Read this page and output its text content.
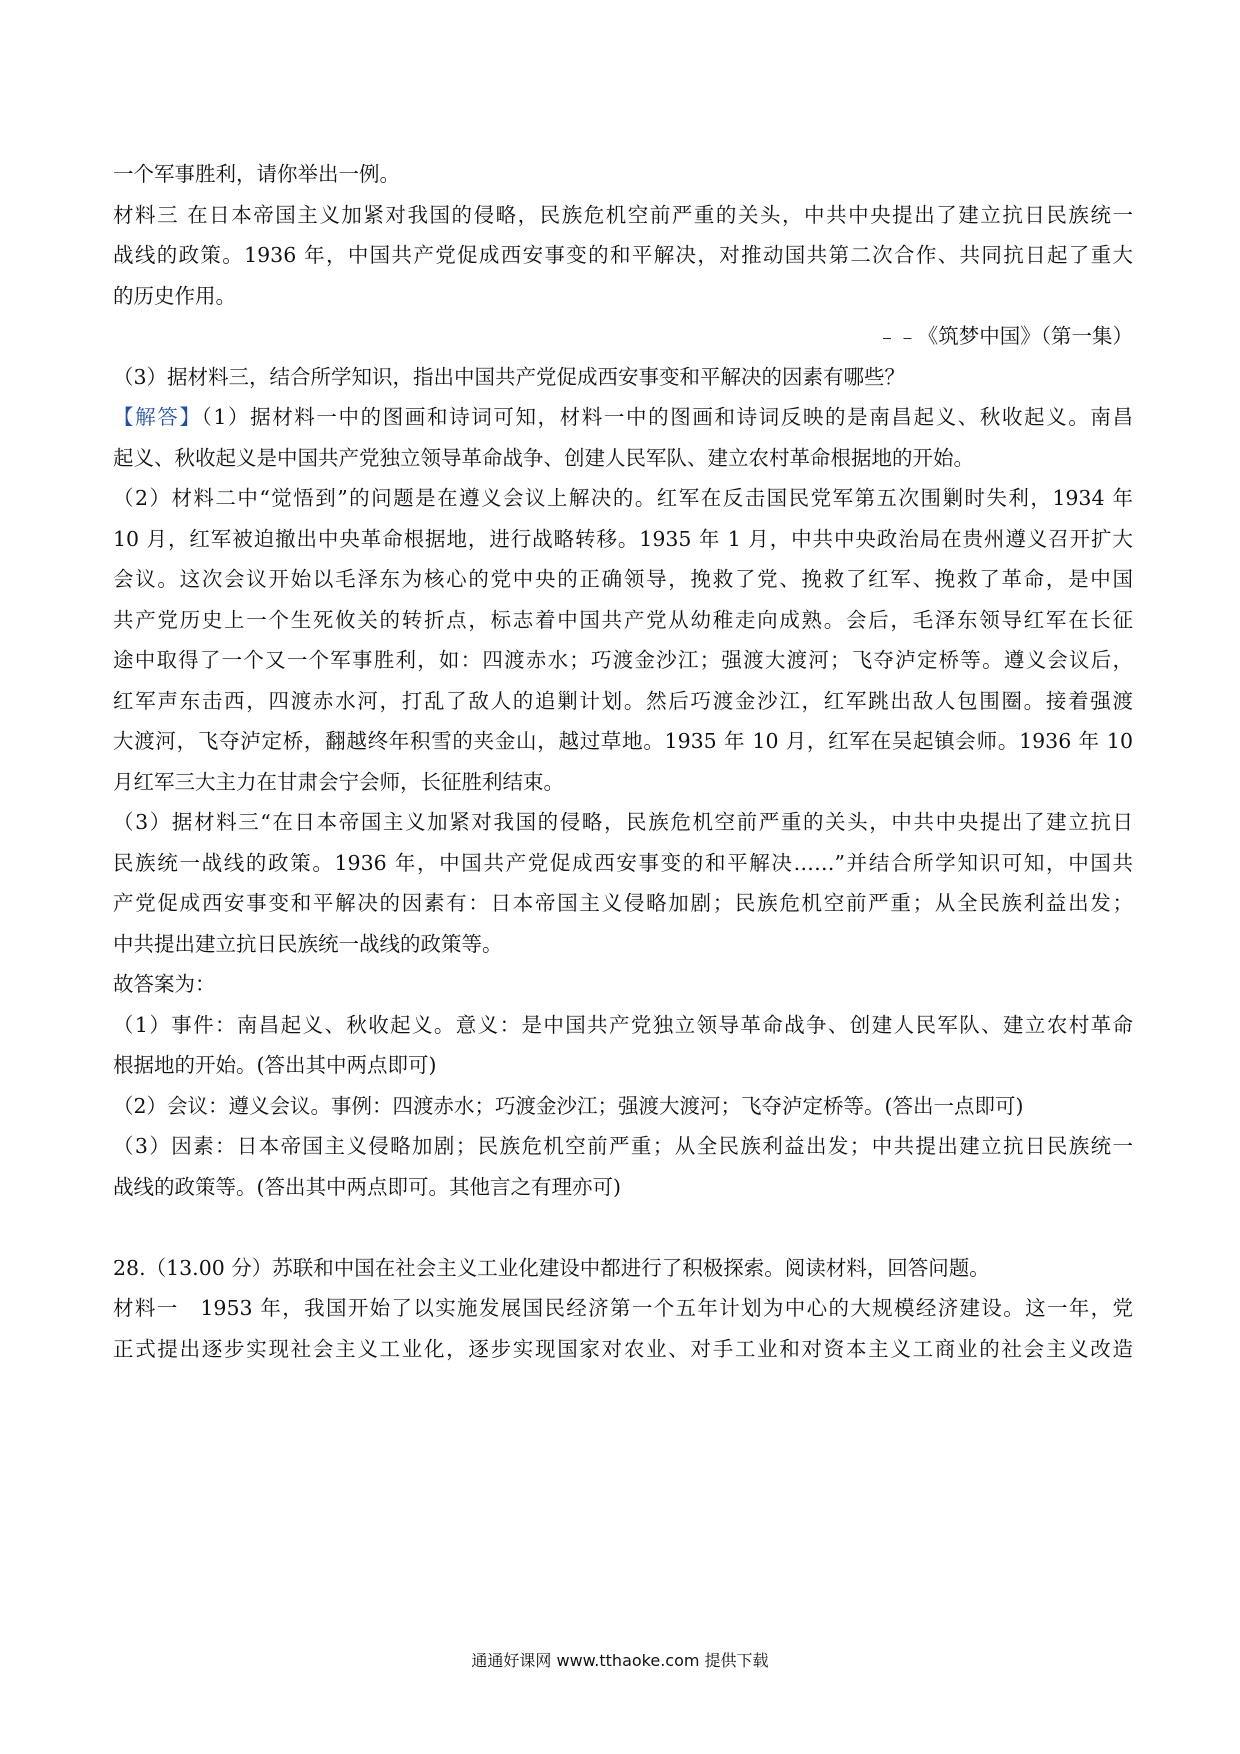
一个军事胜利，请你举出一例。
材料三 在日本帝国主义加紧对我国的侵略，民族危机空前严重的关头，中共中央提出了建立抗日民族统一
战线的政策。1936 年，中国共产党促成西安事变的和平解决，对推动国共第二次合作、共同抗日起了重大
的历史作用。
﹣﹣《筑梦中国》（第一集）
（3）据材料三，结合所学知识，指出中国共产党促成西安事变和平解决的因素有哪些？
【解答】（1）据材料一中的图画和诗词可知，材料一中的图画和诗词反映的是南昌起义、秋收起义。南昌
起义、秋收起义是中国共产党独立领导革命战争、创建人民军队、建立农村革命根据地的开始。
（2）材料二中“觉悟到”的问题是在遵义会议上解决的。红军在反击国民党军第五次围剿时失利，1934 年
10 月，红军被迫撤出中央革命根据地，进行战略转移。1935 年 1 月，中共中央政治局在贵州遵义召开扩大
会议。这次会议开始以毛泽东为核心的党中央的正确领导，挽救了党、挽救了红军、挽救了革命，是中国
共产党历史上一个生死攸关的转折点，标志着中国共产党从幼稚走向成熟。会后，毛泽东领导红军在长征
途中取得了一个又一个军事胜利，如：四渡赤水；巧渡金沙江；强渡大渡河；飞夺泸定桥等。遵义会议后，
红军声东击西，四渡赤水河，打乱了敌人的追剿计划。然后巧渡金沙江，红军跳出敌人包围圈。接着强渡
大渡河，飞夺泸定桥，翻越终年积雪的夹金山，越过草地。1935 年 10 月，红军在吴起镇会师。1936 年 10
月红军三大主力在甘肃会宁会师，长征胜利结束。
（3）据材料三“在日本帝国主义加紧对我国的侵略，民族危机空前严重的关头，中共中央提出了建立抗日
民族统一战线的政策。1936 年，中国共产党促成西安事变的和平解决……”并结合所学知识可知，中国共
产党促成西安事变和平解决的因素有：日本帝国主义侵略加剧；民族危机空前严重；从全民族利益出发；
中共提出建立抗日民族统一战线的政策等。
故答案为：
（1）事件：南昌起义、秋收起义。意义：是中国共产党独立领导革命战争、创建人民军队、建立农村革命
根据地的开始。(答出其中两点即可)
（2）会议：遵义会议。事例：四渡赤水；巧渡金沙江；强渡大渡河；飞夺泸定桥等。(答出一点即可)
（3）因素：日本帝国主义侵略加剧；民族危机空前严重；从全民族利益出发；中共提出建立抗日民族统一
战线的政策等。(答出其中两点即可。其他言之有理亦可)
28.（13.00 分）苏联和中国在社会主义工业化建设中都进行了积极探索。阅读材料，回答问题。
材料一　1953 年，我国开始了以实施发展国民经济第一个五年计划为中心的大规模经济建设。这一年，党
正式提出逐步实现社会主义工业化，逐步实现国家对农业、对手工业和对资本主义工商业的社会主义改造
通通好课网 www.tthaoke.com 提供下载
